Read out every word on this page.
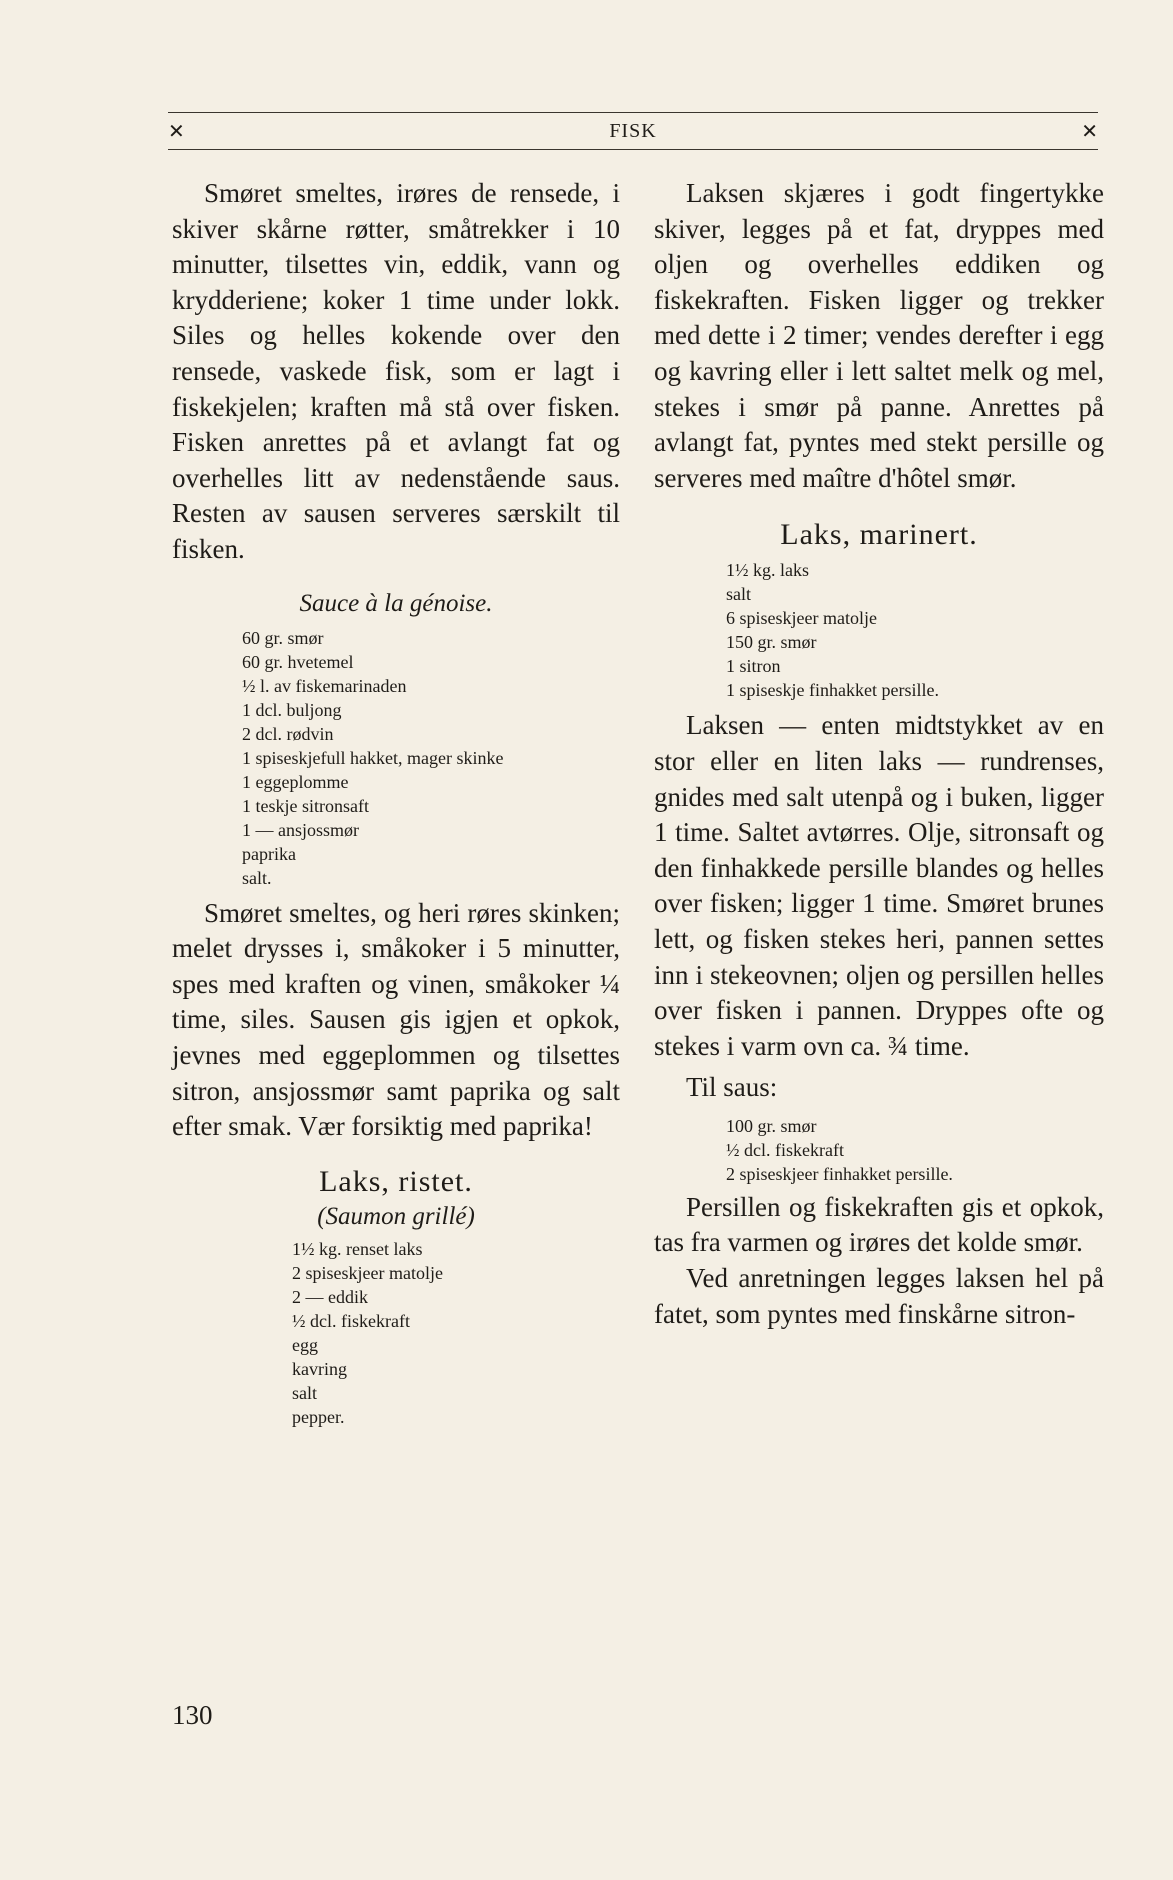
✕	FISK	✕

Smøret smeltes, irøres de rensede, i skiver skårne røtter, småtrekker i 10 minutter, tilsettes vin, eddik, vann og krydderiene; koker 1 time under lokk. Siles og helles kokende over den rensede, vaskede fisk, som er lagt i fiskekjelen; kraften må stå over fisken. Fisken anrettes på et avlangt fat og overhelles litt av nedenstående saus. Resten av sausen serveres særskilt til fisken.

Sauce à la génoise.

60 gr. smør
60 gr. hvetemel
½ l. av fiskemarinaden
1 dcl. buljong
2 dcl. rødvin
1 spiseskjefull hakket, mager skinke
1 eggeplomme
1 teskje sitronsaft
1 — ansjossmør
paprika
salt.

Smøret smeltes, og heri røres skinken; melet drysses i, småkoker i 5 minutter, spes med kraften og vinen, småkoker ¼ time, siles. Sausen gis igjen et opkok, jevnes med eggeplommen og tilsettes sitron, ansjossmør samt paprika og salt efter smak. Vær forsiktig med paprika!

Laks, ristet.

(Saumon grillé)

1½ kg. renset laks
2 spiseskjeer matolje
2 — eddik
½ dcl. fiskekraft
egg
kavring
salt
pepper.

Laksen skjæres i godt fingertykke skiver, legges på et fat, dryppes med oljen og overhelles eddiken og fiskekraften. Fisken ligger og trekker med dette i 2 timer; vendes derefter i egg og kavring eller i lett saltet melk og mel, stekes i smør på panne. Anrettes på avlangt fat, pyntes med stekt persille og serveres med maître d'hôtel smør.

Laks, marinert.

1½ kg. laks
salt
6 spiseskjeer matolje
150 gr. smør
1 sitron
1 spiseskje finhakket persille.

Laksen — enten midtstykket av en stor eller en liten laks — rundrenses, gnides med salt utenpå og i buken, ligger 1 time. Saltet avtørres. Olje, sitronsaft og den finhakkede persille blandes og helles over fisken; ligger 1 time. Smøret brunes lett, og fisken stekes heri, pannen settes inn i stekeovnen; oljen og persillen helles over fisken i pannen. Dryppes ofte og stekes i varm ovn ca. ¾ time.

Til saus:

100 gr. smør
½ dcl. fiskekraft
2 spiseskjeer finhakket persille.

Persillen og fiskekraften gis et opkok, tas fra varmen og irøres det kolde smør.

Ved anretningen legges laksen hel på fatet, som pyntes med finskårne sitron-

130
